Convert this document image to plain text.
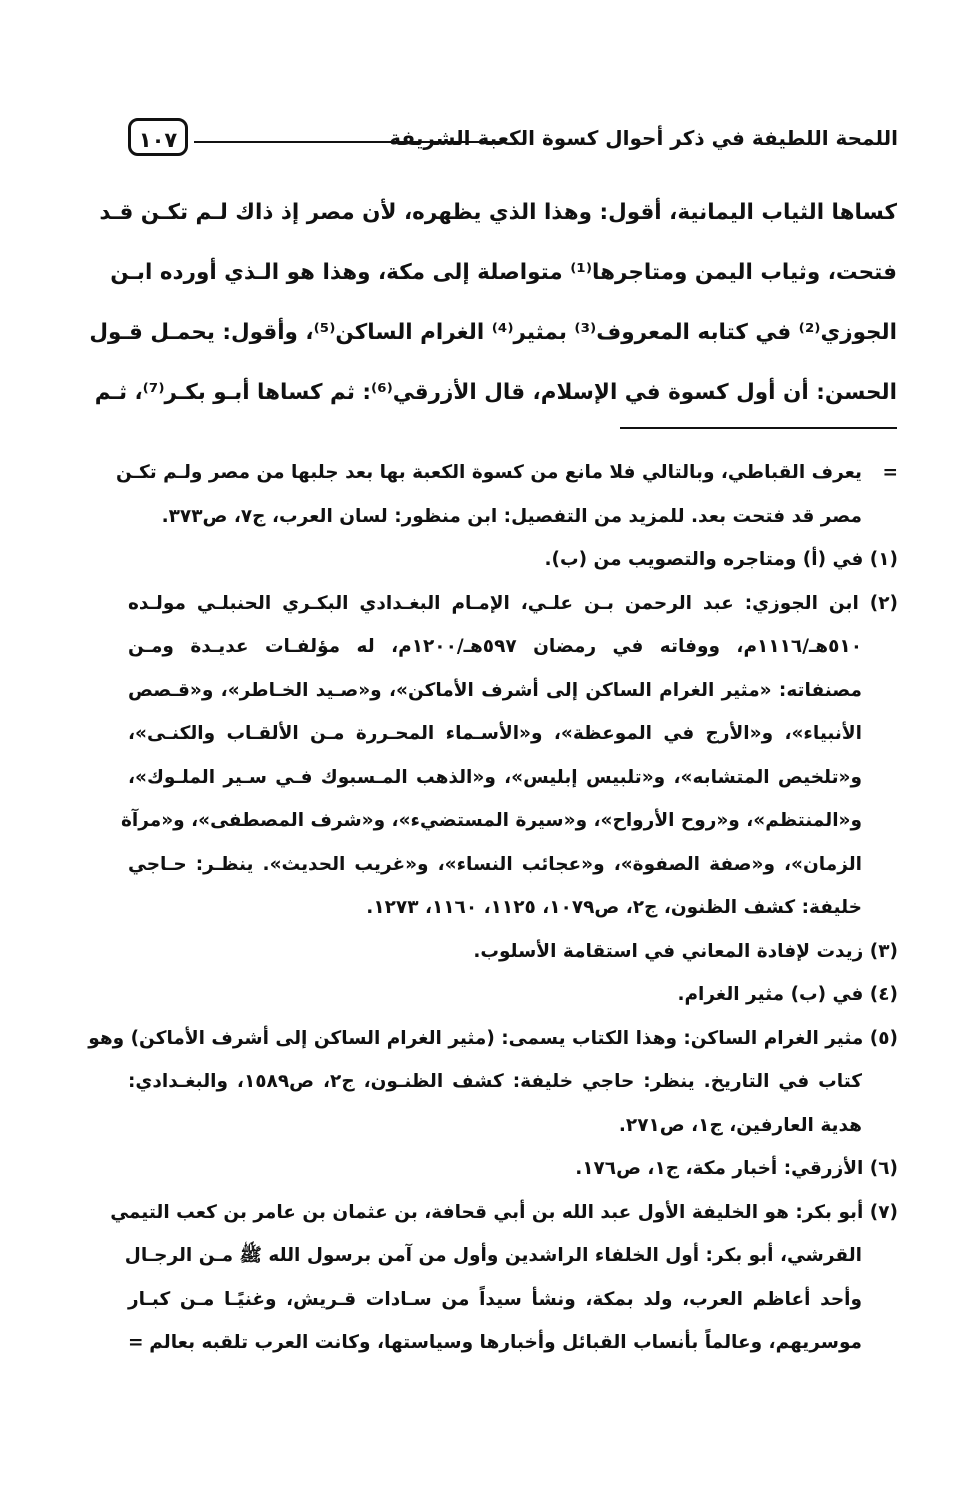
اللمحة اللطيفة في ذكر أحوال كسوة الكعبة الشريفة
١٠٧
كساها الثياب اليمانية، أقول: وهذا الذي يظهره، لأن مصر إذ ذاك لـم تكـن قـد
فتحت، وثياب اليمن ومتاجرها⁽¹⁾ متواصلة إلى مكة، وهذا هو الـذي أورده ابـن
الجوزي⁽²⁾ في كتابه المعروف⁽³⁾ بمثير⁽⁴⁾ الغرام الساكن⁽⁵⁾، وأقول: يحمـل قـول
الحسن: أن أول كسوة في الإسلام، قال الأزرقي⁽⁶⁾: ثم كساها أبـو بكـر⁽⁷⁾، ثـم
=
يعرف القباطي، وبالتالي فلا مانع من كسوة الكعبة بها بعد جلبها من مصر ولـم تكـن
مصر قد فتحت بعد. للمزيد من التفصيل: ابن منظور: لسان العرب، ج٧، ص٣٧٣.
(١) في (أ) ومتاجره والتصويب من (ب).
(٢) ابن الجوزي: عبد الرحمن بـن علـي، الإمـام البغـدادي البكـري الحنبلـي مولـده
٥١٠هـ/١١١٦م، ووفاته في رمضان ٥٩٧هـ/١٢٠٠م، له مؤلفـات عديـدة ومـن
مصنفاته: «مثير الغرام الساكن إلى أشرف الأماكن»، و«صـيد الخـاطر»، و«قـصص
الأنبياء»، و«الأرج في الموعظة»، و«الأسـماء المحـررة مـن الألقـاب والكنـى»،
و«تلخيص المتشابه»، و«تلبيس إبليس»، و«الذهب المـسبوك فـي سـير الملـوك»،
و«المنتظم»، و«روح الأرواح»، و«سيرة المستضيء»، و«شرف المصطفى»، و«مرآة
الزمان»، و«صفة الصفوة»، و«عجائب النساء»، و«غريب الحديث». ينظـر: حـاجي
خليفة: كشف الظنون، ج٢، ص١٠٧٩، ١١٢٥، ١١٦٠، ١٢٧٣.
(٣) زيدت لإفادة المعاني في استقامة الأسلوب.
(٤) في (ب) مثير الغرام.
(٥) مثير الغرام الساكن: وهذا الكتاب يسمى: (مثير الغرام الساكن إلى أشرف الأماكن) وهو
كتاب في التاريخ. ينظر: حاجي خليفة: كشف الظنـون، ج٢، ص١٥٨٩، والبغـدادي:
هدية العارفين، ج١، ص٢٧١.
(٦) الأزرقي: أخبار مكة، ج١، ص١٧٦.
(٧) أبو بكر: هو الخليفة الأول عبد الله بن أبي قحافة، بن عثمان بن عامر بن كعب التيمي
القرشي، أبو بكر: أول الخلفاء الراشدين وأول من آمن برسول الله ﷺ مـن الرجـال
وأحد أعاظم العرب، ولد بمكة، ونشأ سيداً من سـادات قـريش، وغنيًـا مـن كبـار
موسريهم، وعالماً بأنساب القبائل وأخبارها وسياستها، وكانت العرب تلقبه بعالم
=
